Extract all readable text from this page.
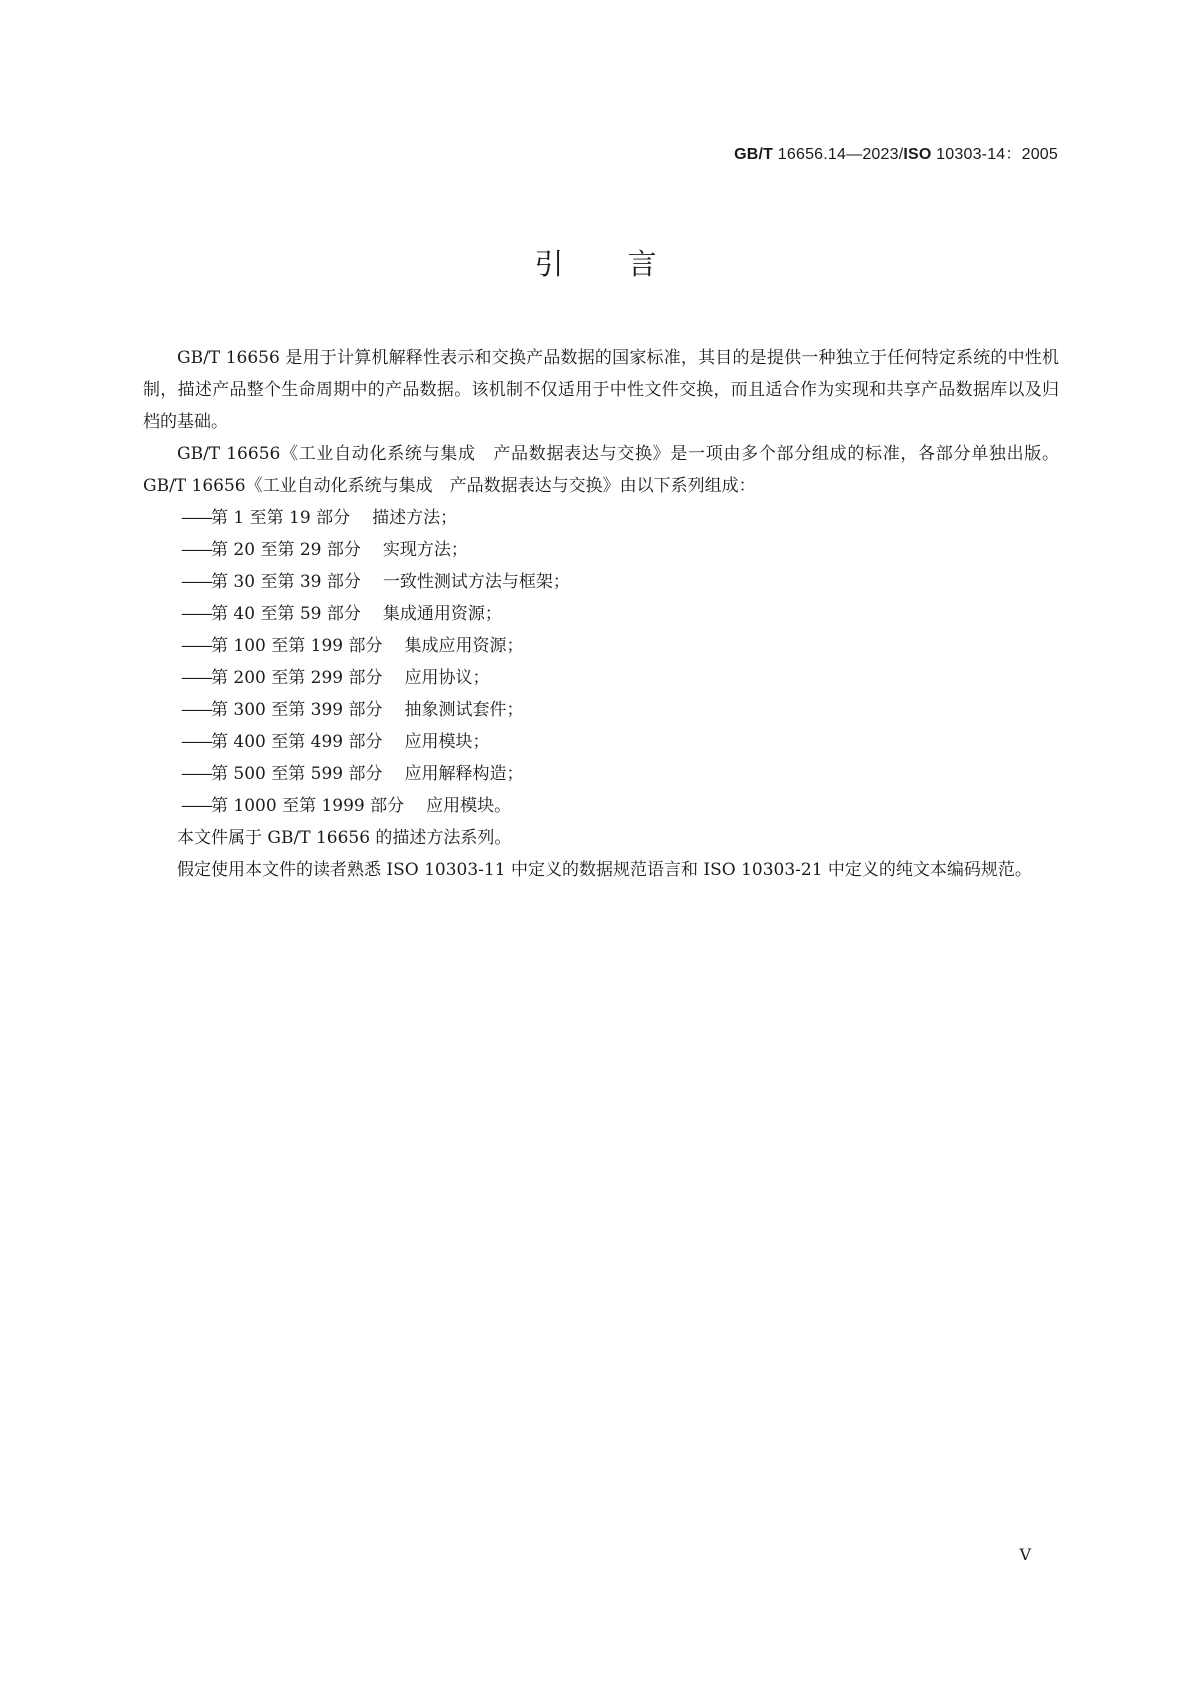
GB/T 16656.14—2023/ISO 10303-14：2005
引言

GB/T 16656 是用于计算机解释性表示和交换产品数据的国家标准，其目的是提供一种独立于任何特定系统的中性机制，描述产品整个生命周期中的产品数据。该机制不仅适用于中性文件交换，而且适合作为实现和共享产品数据库以及归档的基础。

GB/T 16656《工业自动化系统与集成　产品数据表达与交换》是一项由多个部分组成的标准，各部分单独出版。GB/T 16656《工业自动化系统与集成　产品数据表达与交换》由以下系列组成：

——第 1 至第 19 部分 描述方法；
——第 20 至第 29 部分 实现方法；
——第 30 至第 39 部分 一致性测试方法与框架；
——第 40 至第 59 部分 集成通用资源；
——第 100 至第 199 部分 集成应用资源；
——第 200 至第 299 部分 应用协议；
——第 300 至第 399 部分 抽象测试套件；
——第 400 至第 499 部分 应用模块；
——第 500 至第 599 部分 应用解释构造；
——第 1000 至第 1999 部分 应用模块。

本文件属于 GB/T 16656 的描述方法系列。

假定使用本文件的读者熟悉 ISO 10303-11 中定义的数据规范语言和 ISO 10303-21 中定义的纯文本编码规范。

V
